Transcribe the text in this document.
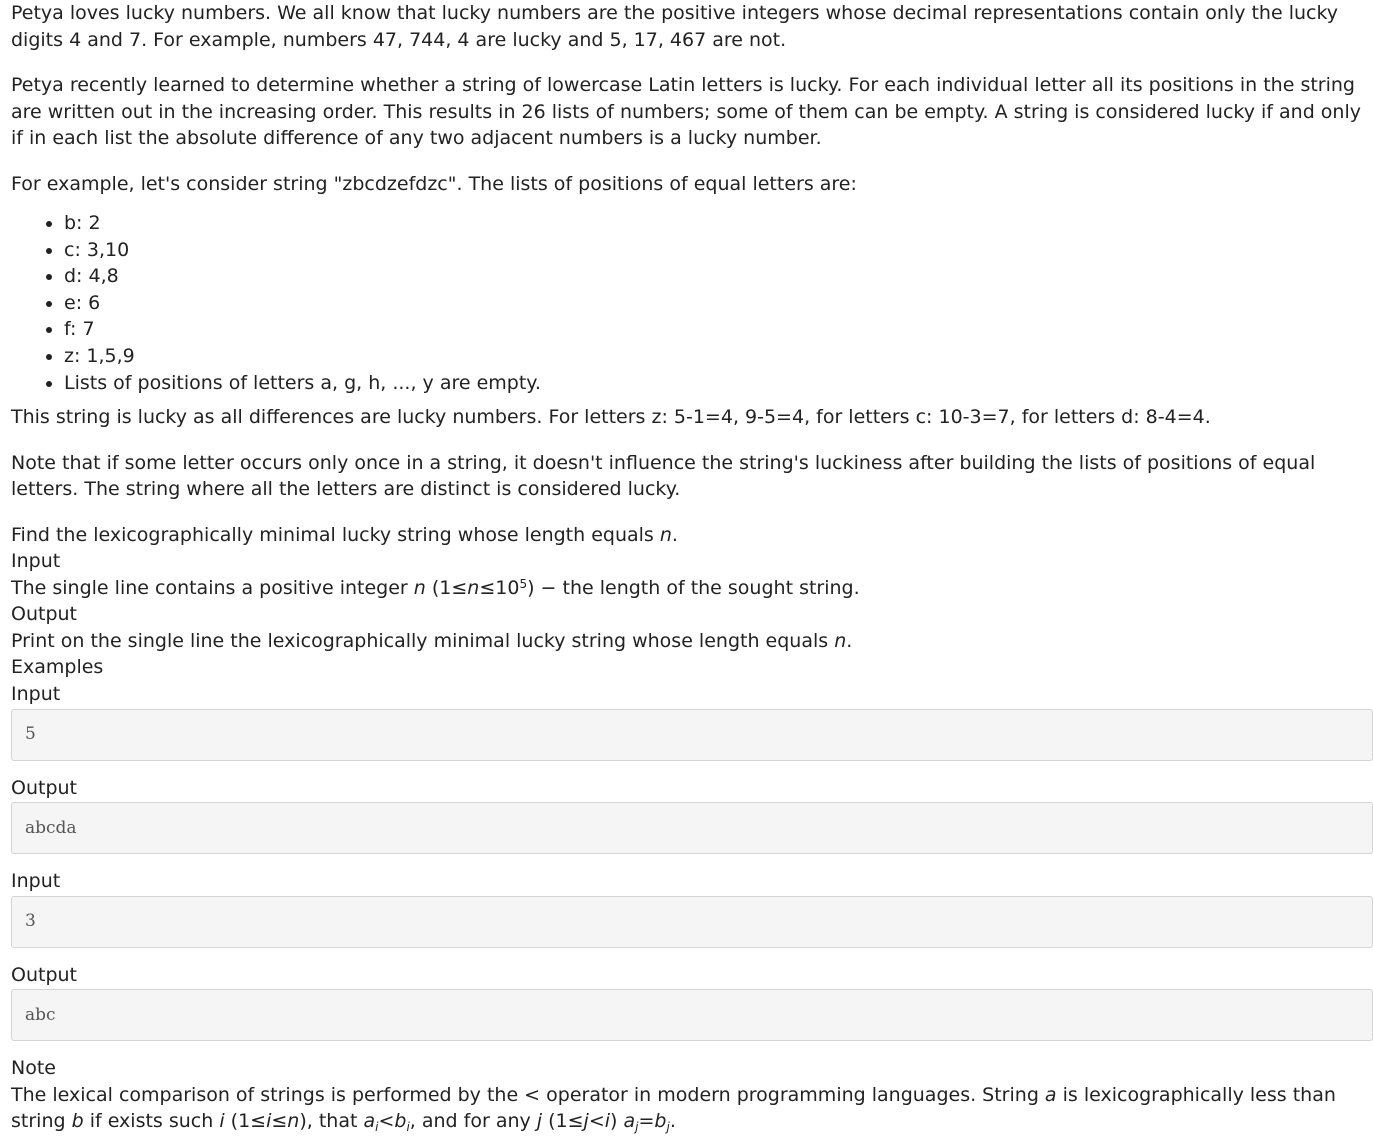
Petya loves lucky numbers. We all know that lucky numbers are the positive integers whose decimal representations contain only the lucky digits 4 and 7. For example, numbers 47, 744, 4 are lucky and 5, 17, 467 are not.

Petya recently learned to determine whether a string of lowercase Latin letters is lucky. For each individual letter all its positions in the string are written out in the increasing order. This results in 26 lists of numbers; some of them can be empty. A string is considered lucky if and only if in each list the absolute difference of any two adjacent numbers is a lucky number.

For example, let's consider string "zbcdzefdzc". The lists of positions of equal letters are:

• b: 2
• c: 3,10
• d: 4,8
• e: 6
• f: 7
• z: 1,5,9
• Lists of positions of letters a, g, h, ..., y are empty.

This string is lucky as all differences are lucky numbers. For letters z: 5-1=4, 9-5=4, for letters c: 10-3=7, for letters d: 8-4=4.

Note that if some letter occurs only once in a string, it doesn't influence the string's luckiness after building the lists of positions of equal letters. The string where all the letters are distinct is considered lucky.

Find the lexicographically minimal lucky string whose length equals n.

Input

The single line contains a positive integer n $(1\le n\le 10^5)$ − the length of the sought string.

Output

Print on the single line the lexicographically minimal lucky string whose length equals n.

Examples
Input
5
Output
abcda
Input
3
Output
abc
Note

The lexical comparison of strings is performed by the < operator in modern programming languages. String a is lexicographically less than string b if exists such i (1≤i≤n), that $a_i<b_i$, and for any j (1≤j<i) $a_j=b_j$.
